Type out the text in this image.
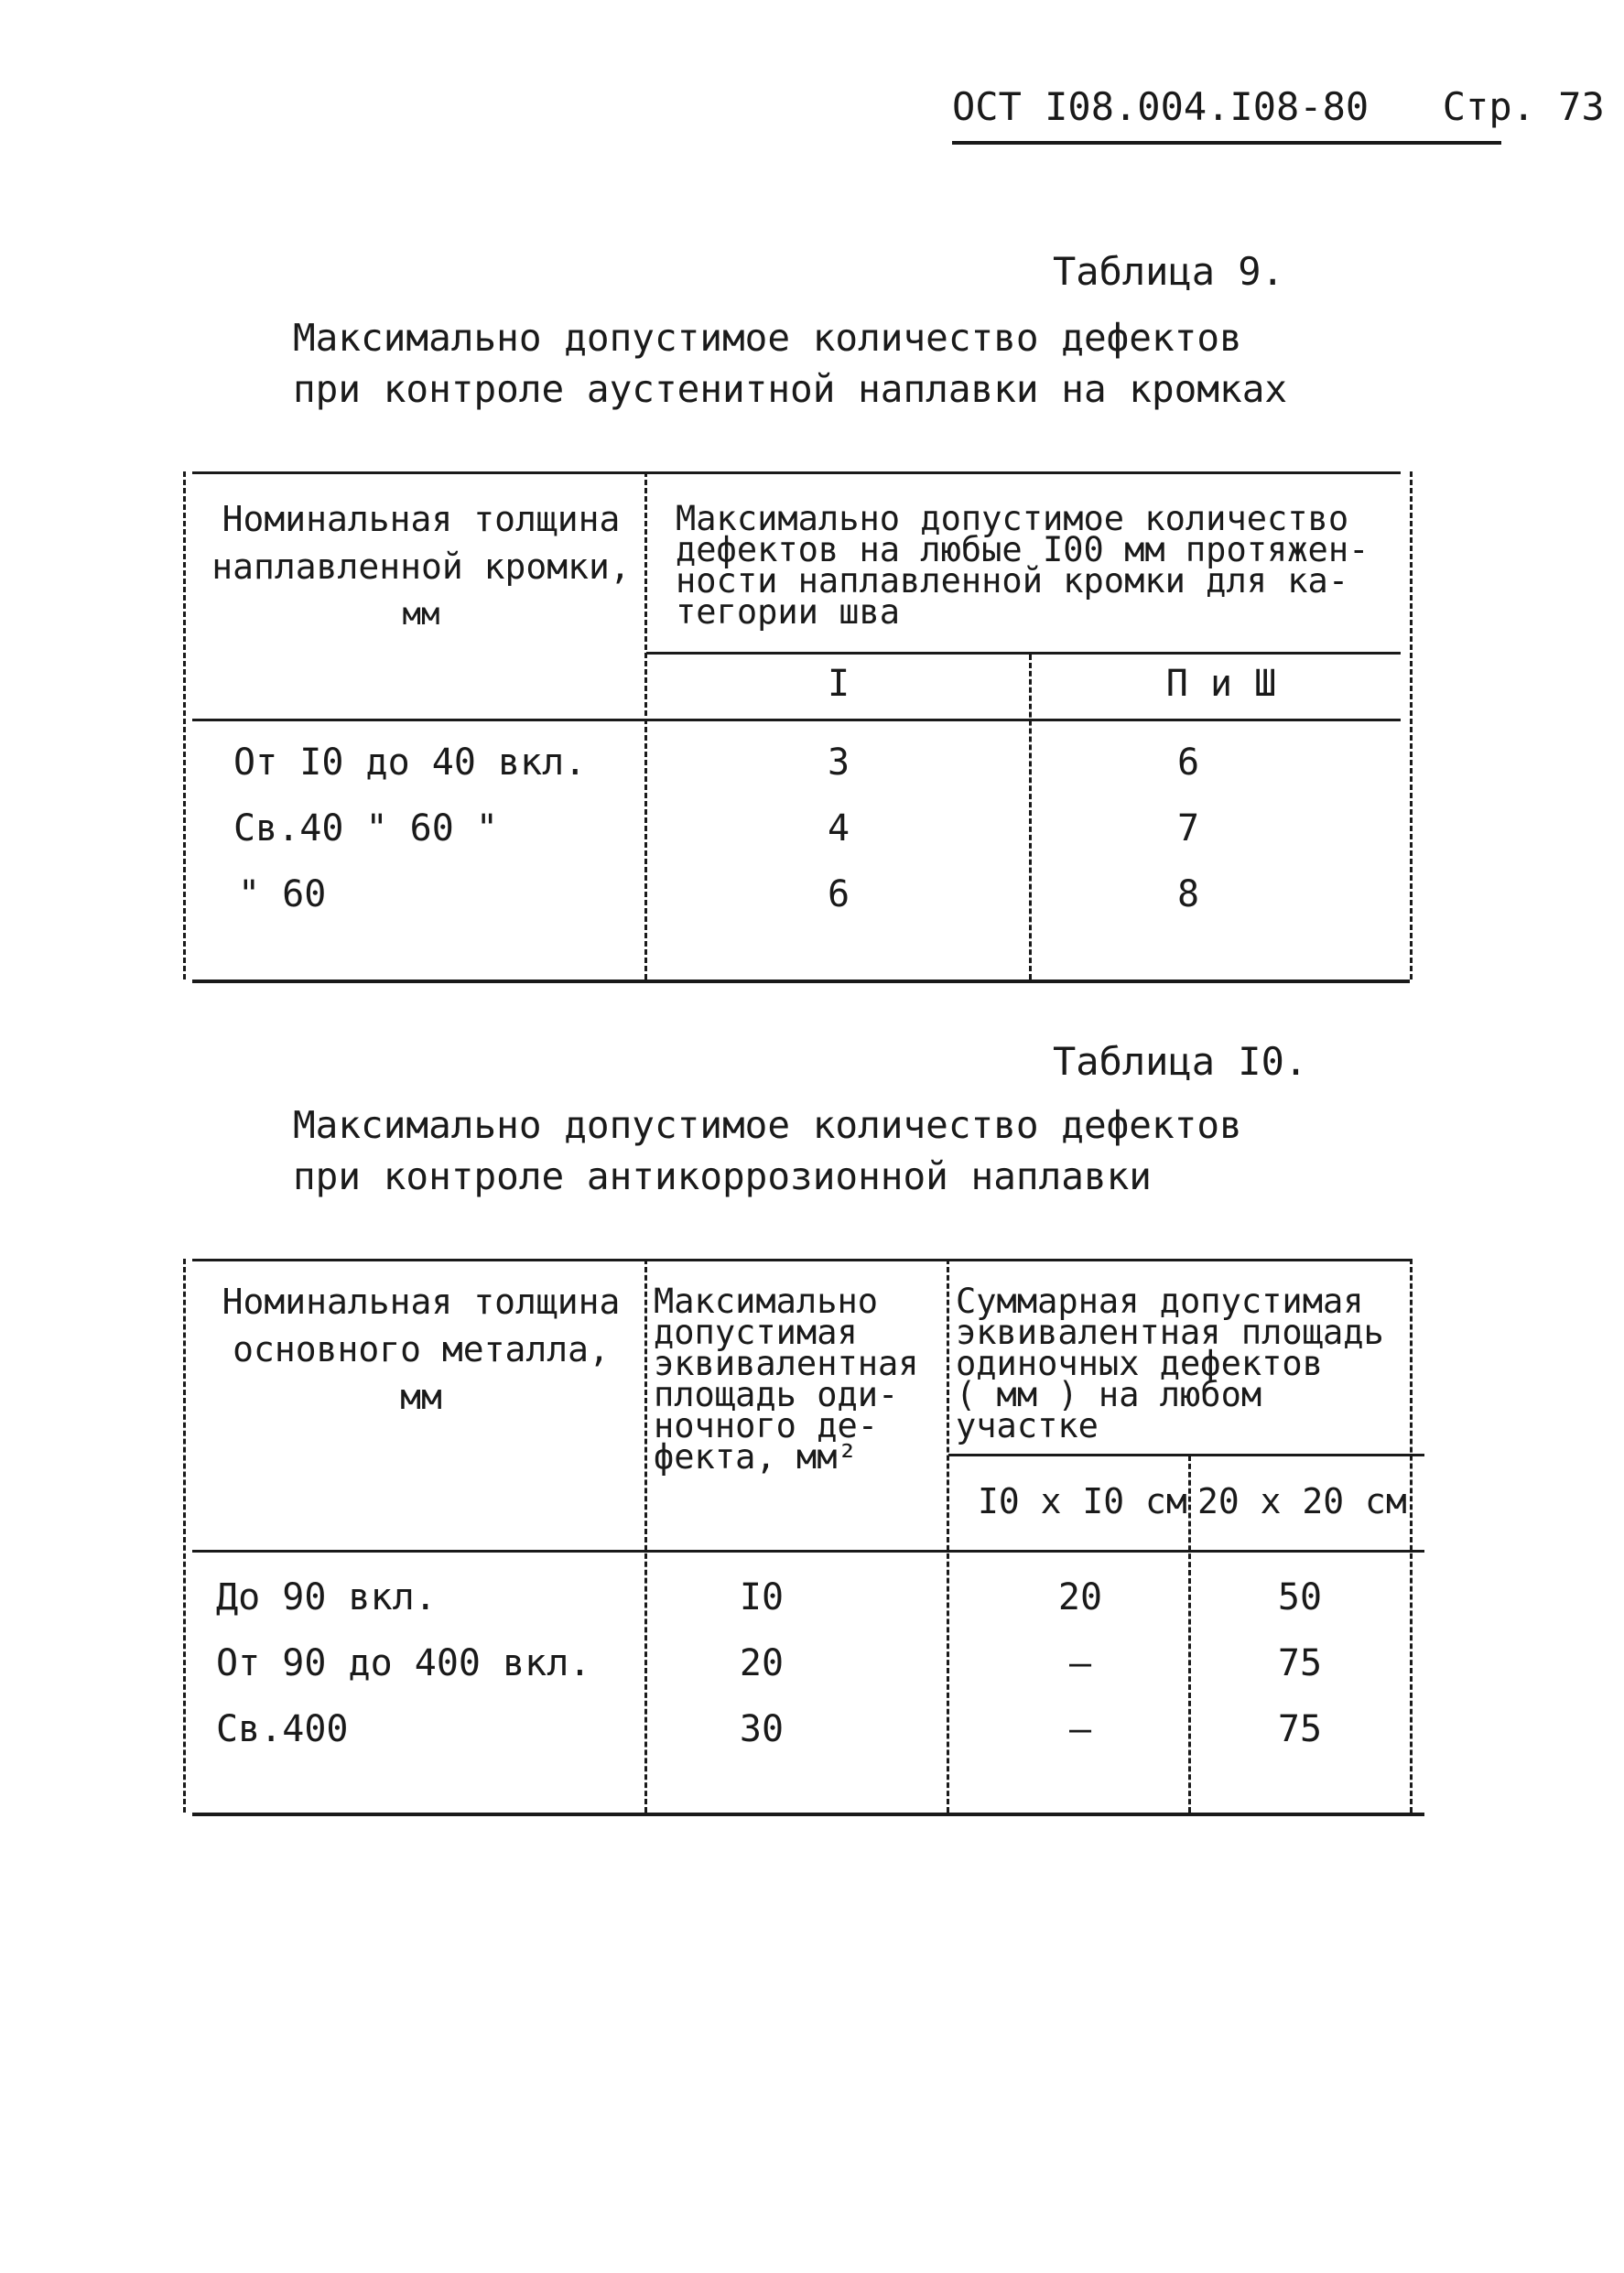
ОСТ I08.004.I08-80 Стр. 73
Таблица 9.
Максимально допустимое количество дефектов
при контроле аустенитной наплавки на кромках
Номинальная толщина
наплавленной кромки,
мм
Максимально допустимое количество
дефектов на любые I00 мм протяжен-
ности наплавленной кромки для ка-
тегории шва
I	П и Ш
От I0 до 40 вкл.	3	6
Св.40 " 60 "	4	7
" 60	6	8
Таблица I0.
Максимально допустимое количество дефектов
при контроле антикоррозионной наплавки
Номинальная толщина
основного металла,
мм
Максимально
допустимая
эквивалентная
площадь оди-
ночного де-
фекта, мм²
Суммарная допустимая
эквивалентная площадь
одиночных дефектов
( мм ) на любом участке
I0 х I0 см 20 х 20 см
До 90 вкл.	I0	20	50
От 90 до 400 вкл.	20	–	75
Св.400	30	–	75
